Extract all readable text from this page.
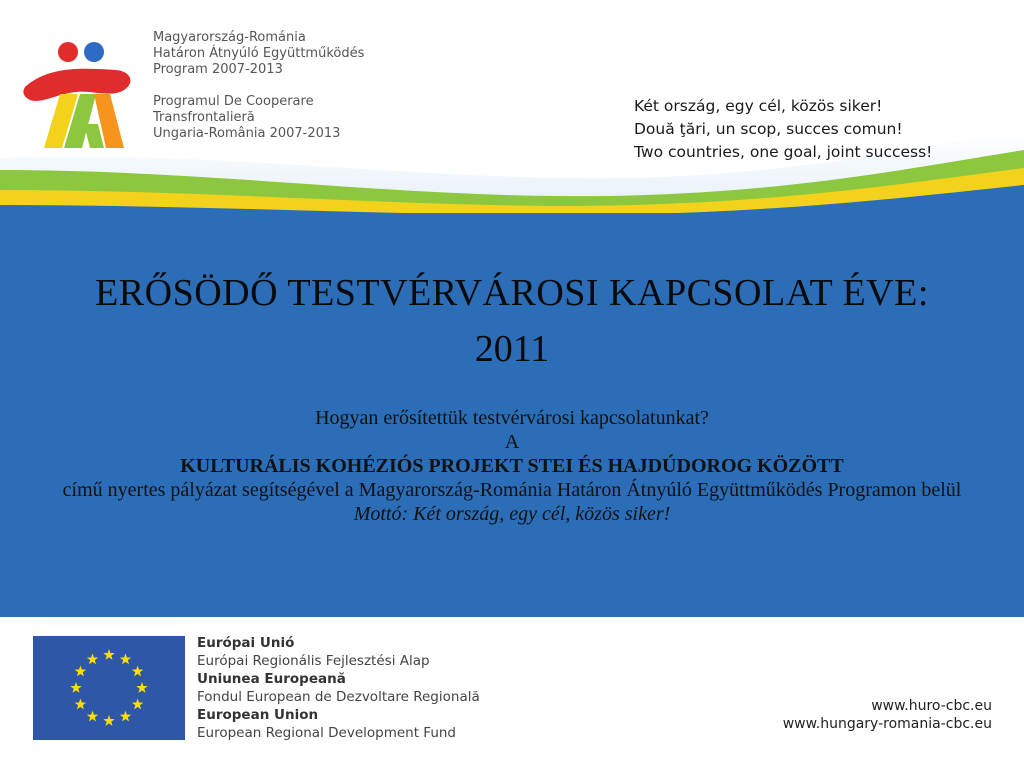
Magyarország-Románia
Határon Átnyúló Együttműködés
Program 2007-2013
Programul De Cooperare
Transfrontalieră
Ungaria-România 2007-2013
Két ország, egy cél, közös siker!
Două ţări, un scop, succes comun!
Two countries, one goal, joint success!
ERŐSÖDŐ TESTVÉRVÁROSI KAPCSOLAT ÉVE:
2011
Hogyan erősítettük testvérvárosi kapcsolatunkat?
A
KULTURÁLIS KOHÉZIÓS PROJEKT STEI ÉS HAJDÚDOROG KÖZÖTT
című nyertes pályázat segítségével a Magyarország-Románia Határon Átnyúló Együttműködés Programon belül
Mottó: Két ország, egy cél, közös siker!
Európai Unió
Európai Regionális Fejlesztési Alap
Uniunea Europeană
Fondul European de Dezvoltare Regională
European Union
European Regional Development Fund
www.huro-cbc.eu
www.hungary-romania-cbc.eu
